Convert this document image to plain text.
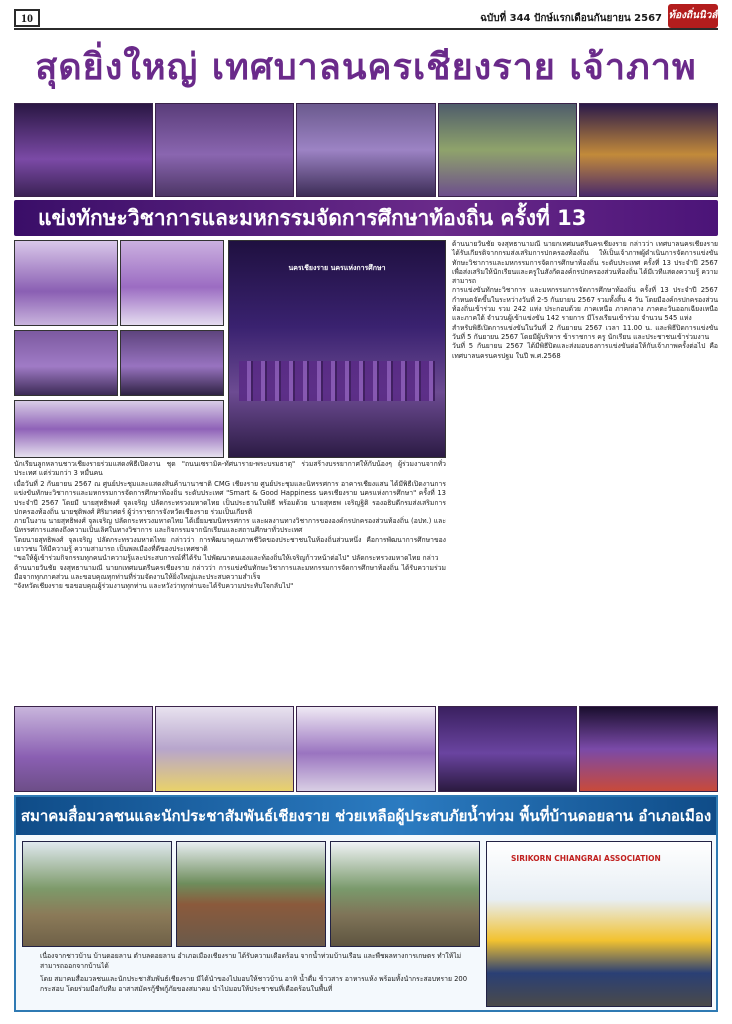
10	ฉบับที่ 344 ปักษ์แรกเดือนกันยายน 2567 ท้องถิ่นนิวส์
สุดยิ่งใหญ่ เทศบาลนครเชียงราย เจ้าภาพ
แข่งทักษะวิชาการและมหกรรมจัดการศึกษาท้องถิ่น ครั้งที่ 13
นครเชียงราย นครแห่งการศึกษา

ด้านนายวันชัย จงสุทธานามณี นายกเทศมนตรีนครเชียงราย กล่าวว่า เทศบาลนครเชียงราย ได้รับเกียรติจากกรมส่งเสริมการปกครองท้องถิ่น ให้เป็นเจ้าภาพผู้ดำเนินการจัดการแข่งขันทักษะวิชาการและมหกรรมการจัดการศึกษาท้องถิ่น ระดับประเทศ ครั้งที่ 13 ประจำปี 2567 เพื่อส่งเสริมให้นักเรียนและครูในสังกัดองค์กรปกครองส่วนท้องถิ่น ได้มีเวทีแสดงความรู้ ความสามารถ

การแข่งขันทักษะวิชาการ และมหกรรมการจัดการศึกษาท้องถิ่น ครั้งที่ 13 ประจำปี 2567 กำหนดจัดขึ้นในระหว่างวันที่ 2-5 กันยายน 2567 รวมทั้งสิ้น 4 วัน โดยมีองค์กรปกครองส่วนท้องถิ่นเข้าร่วม รวม 242 แห่ง ประกอบด้วย ภาคเหนือ ภาคกลาง ภาคตะวันออกเฉียงเหนือ และภาคใต้ จำนวนผู้เข้าแข่งขัน 142 รายการ มีโรงเรียนเข้าร่วม จำนวน 545 แห่ง

สำหรับพิธีเปิดการแข่งขันในวันที่ 2 กันยายน 2567 เวลา 11.00 น. และพิธีปิดการแข่งขัน วันที่ 5 กันยายน 2567 โดยมีผู้บริหาร ข้าราชการ ครู นักเรียน และประชาชนเข้าร่วมงาน

วันที่ 5 กันยายน 2567 ได้มีพิธีปิดและส่งมอบธงการแข่งขันต่อให้กับเจ้าภาพครั้งต่อไป คือ เทศบาลนครนครปฐม ในปี พ.ศ.2568

นักเรียนลูกหลานชาวเชียงรายร่วมแสดงพิธีเปิดงาน ชุด "ถนนเซรามิค-ทัศนาราย-พระบรมธาตุ" ร่วมสร้างบรรยากาศให้กับน้องๆ ผู้ร่วมงานจากทั่วประเทศ แต่ร่วมกว่า 3 หมื่นคน

เมื่อวันที่ 2 กันยายน 2567 ณ ศูนย์ประชุมและแสดงสินค้านานาชาติ CMG เชียงราย ศูนย์ประชุมและนิทรรศการ อาคารเชียงแสน ได้มีพิธีเปิดงานการแข่งขันทักษะวิชาการและมหกรรมการจัดการศึกษาท้องถิ่น ระดับประเทศ "Smart & Good Happiness นครเชียงราย นครแห่งการศึกษา" ครั้งที่ 13 ประจำปี 2567 โดยมี นายสุทธิพงศ์ จุลเจริญ ปลัดกระทรวงมหาดไทย เป็นประธานในพิธี พร้อมด้วย นายสุทธพ เจริญฐิติ รองอธิบดีกรมส่งเสริมการปกครองท้องถิ่น นายชุติพงศ์ ศิริมาศตร์ ผู้ว่าราชการจังหวัดเชียงราย ร่วมเป็นเกียรติ

ภายในงาน นายสุทธิพงศ์ จุลเจริญ ปลัดกระทรวงมหาดไทย ได้เยี่ยมชมนิทรรศการ และผลงานทางวิชาการขององค์กรปกครองส่วนท้องถิ่น (อปท.) และนิทรรศการแสดงถึงความเป็นเลิศในทางวิชาการ และกิจกรรมจากนักเรียนและสถานศึกษาทั่วประเทศ

โดยนายสุทธิพงศ์ จุลเจริญ ปลัดกระทรวงมหาดไทย กล่าวว่า การพัฒนาคุณภาพชีวิตของประชาชนในท้องถิ่นส่วนหนึ่ง คือการพัฒนาการศึกษาของเยาวชน ให้มีความรู้ ความสามารถ เป็นพลเมืองที่ดีของประเทศชาติ

"ขอให้ผู้เข้าร่วมกิจกรรมทุกคนนำความรู้และประสบการณ์ที่ได้รับ ไปพัฒนาตนเองและท้องถิ่นให้เจริญก้าวหน้าต่อไป" ปลัดกระทรวงมหาดไทย กล่าว

ด้านนายวันชัย จงสุทธานามณี นายกเทศมนตรีนครเชียงราย กล่าวว่า การแข่งขันทักษะวิชาการและมหกรรมการจัดการศึกษาท้องถิ่น ได้รับความร่วมมือจากทุกภาคส่วน และขอบคุณทุกท่านที่ร่วมจัดงานให้ยิ่งใหญ่และประสบความสำเร็จ

"จังหวัดเชียงราย ขอขอบคุณผู้ร่วมงานทุกท่าน และหวังว่าทุกท่านจะได้รับความประทับใจกลับไป"

สมาคมสื่อมวลชนและนักประชาสัมพันธ์เชียงราย ช่วยเหลือผู้ประสบภัยน้ำท่วม พื้นที่บ้านดอยลาน อำเภอเมือง
SIRIKORN CHIANGRAI ASSOCIATION

เนื่องจากชาวบ้าน บ้านดอยลาน ตำบลดอยลาน อำเภอเมืองเชียงราย ได้รับความเดือดร้อน จากน้ำท่วมบ้านเรือน และพืชผลทางการเกษตร ทำให้ไม่สามารถออกจากบ้านได้

โดย สมาคมสื่อมวลชนและนักประชาสัมพันธ์เชียงราย มีได้นำของไปมอบให้ชาวบ้าน อาทิ น้ำดื่ม ข้าวสาร อาหารแห้ง พร้อมทั้งนำกระสอบทราย 200 กระสอบ โดยร่วมมือกับทีม อาสาสมัครกู้ชีพกู้ภัยของสมาคม นำไปมอบให้ประชาชนที่เดือดร้อนในพื้นที่
